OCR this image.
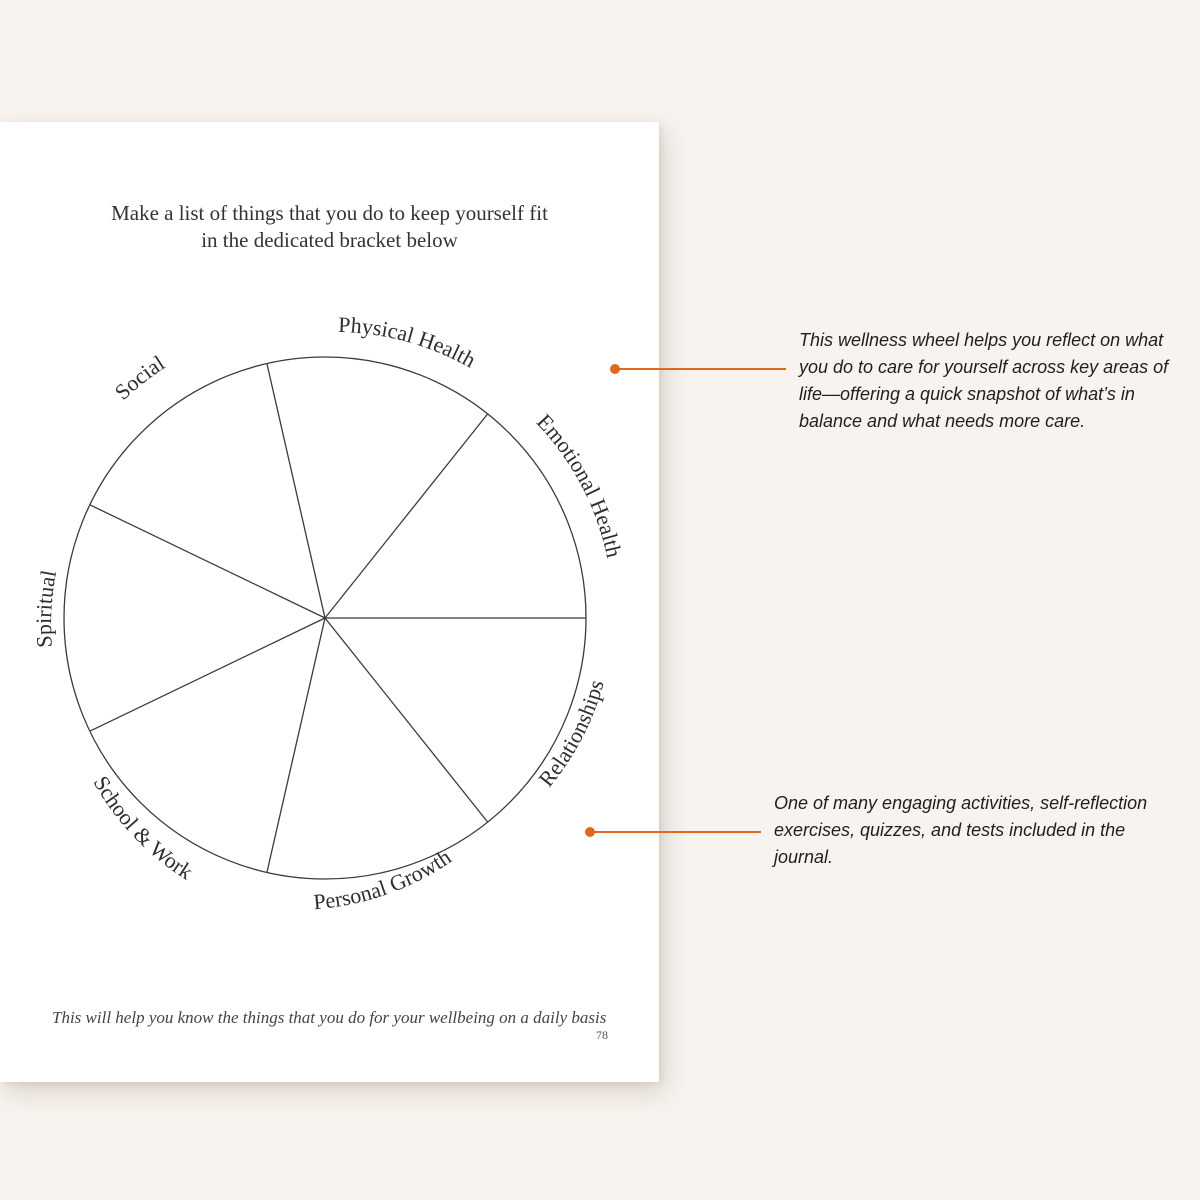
Make a list of things that you do to keep yourself fit
in the dedicated bracket below
Physical Health
Emotional Health
Relationships
Personal Growth
School & Work
Spiritual
Social
This will help you know the things that you do for your wellbeing on a daily basis
78
This wellness wheel helps you reflect on what you do to care for yourself across key areas of life—offering a quick snapshot of what’s in balance and what needs more care.
One of many engaging activities, self-reflection exercises, quizzes, and tests included in the journal.
